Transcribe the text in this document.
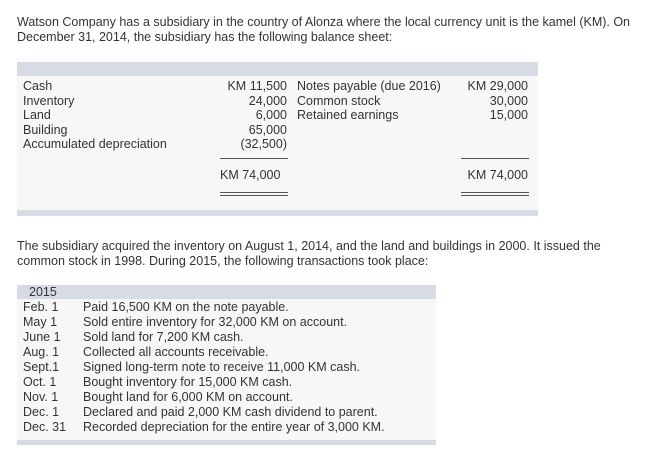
Watson Company has a subsidiary in the country of Alonza where the local currency unit is the kamel (KM). On December 31, 2014, the subsidiary has the following balance sheet:
Cash
Inventory
Land
Building
Accumulated depreciation
KM 11,500
24,000
6,000
65,000
(32,500)
Notes payable (due 2016)
Common stock
Retained earnings
KM 29,000
30,000
15,000
KM 74,000	KM 74,000
The subsidiary acquired the inventory on August 1, 2014, and the land and buildings in 2000. It issued the common stock in 1998. During 2015, the following transactions took place:
2015
Feb. 1 Paid 16,500 KM on the note payable.
May 1 Sold entire inventory for 32,000 KM on account.
June 1 Sold land for 7,200 KM cash.
Aug. 1 Collected all accounts receivable.
Sept.1 Signed long-term note to receive 11,000 KM cash.
Oct. 1 Bought inventory for 15,000 KM cash.
Nov. 1 Bought land for 6,000 KM on account.
Dec. 1 Declared and paid 2,000 KM cash dividend to parent.
Dec. 31 Recorded depreciation for the entire year of 3,000 KM.
